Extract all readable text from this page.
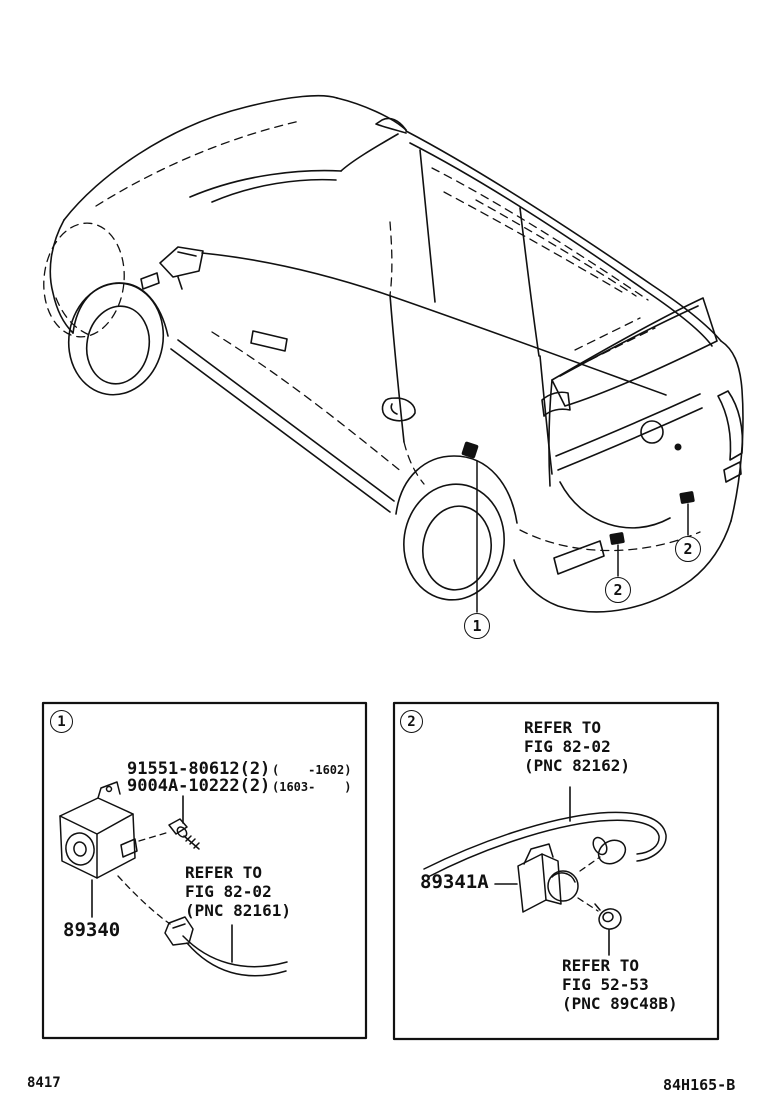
1
2
2
1
91551-80612(2) (    -1602)
9004A-10222(2) (1603-    )
REFER TO
FIG 82-02
(PNC 82161)
89340
2	REFER TO
FIG 82-02
(PNC 82162)
89341A
REFER TO
FIG 52-53
(PNC 89C48B)
8417	84H165-B
